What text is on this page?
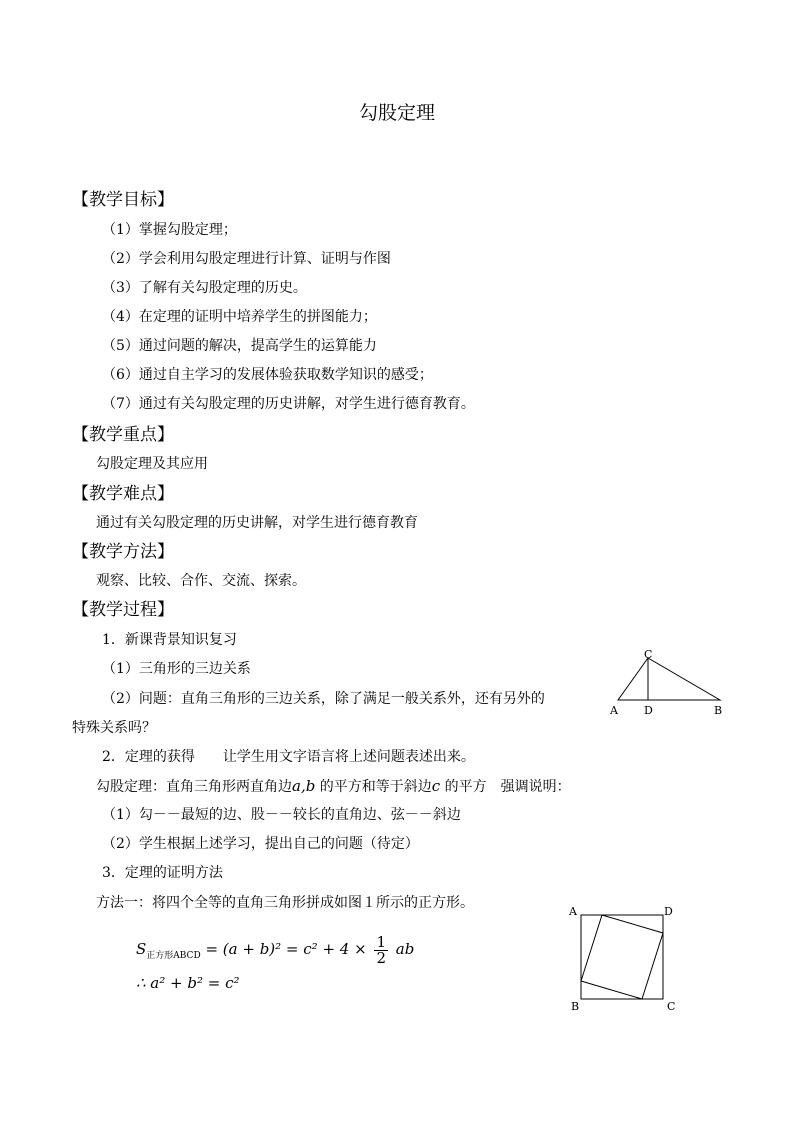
勾股定理
【教学目标】
（1）掌握勾股定理；
（2）学会利用勾股定理进行计算、证明与作图
（3）了解有关勾股定理的历史。
（4）在定理的证明中培养学生的拼图能力；
（5）通过问题的解决，提高学生的运算能力
（6）通过自主学习的发展体验获取数学知识的感受；
（7）通过有关勾股定理的历史讲解，对学生进行德育教育。
【教学重点】
勾股定理及其应用
【教学难点】
通过有关勾股定理的历史讲解，对学生进行德育教育
【教学方法】
观察、比较、合作、交流、探索。
【教学过程】
1．新课背景知识复习
（1）三角形的三边关系
（2）问题：直角三角形的三边关系，除了满足一般关系外，还有另外的
特殊关系吗？
C
A D	B
2．定理的获得　　让学生用文字语言将上述问题表述出来。
勾股定理：直角三角形两直角边a,b 的平方和等于斜边c 的平方　强调说明：
（1）勾－－最短的边、股－－较长的直角边、弦－－斜边
（2）学生根据上述学习，提出自己的问题（待定）
3．定理的证明方法
方法一：将四个全等的直角三角形拼成如图１所示的正方形。
$S_{正方形ABCD} = (a + b)^2 = c^2 + 4 \times \frac{1}{2}$ ab
∴ a² + b² = c²
A	D
B	C
